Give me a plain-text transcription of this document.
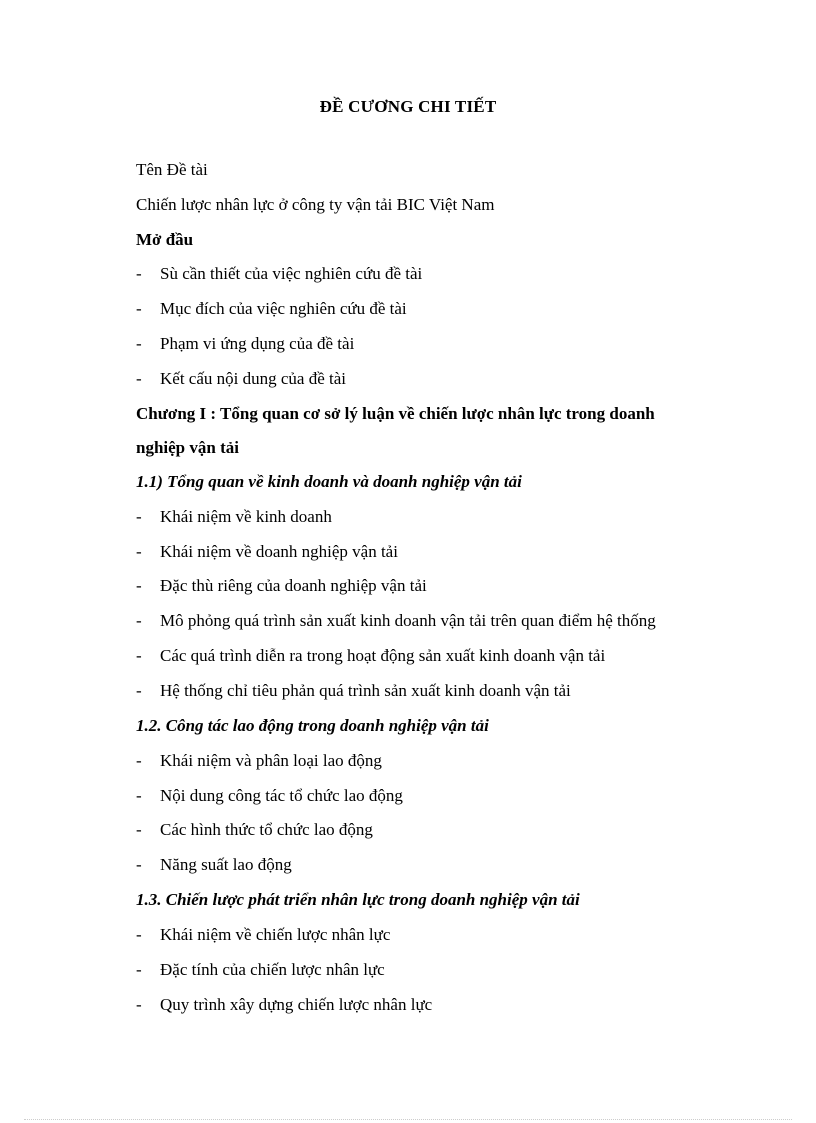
ĐỀ CƯƠNG CHI TIẾT
Tên Đề tài
Chiến lược nhân lực ở công ty vận tải BIC Việt Nam
Mở đầu
- Sù cần thiết của việc nghiên cứu đề tài
- Mục đích của việc nghiên cứu đề tài
- Phạm vi ứng dụng của đề tài
- Kết cấu nội dung của đề tài
Chương I : Tổng quan cơ sở lý luận về chiến lược nhân lực trong doanh
nghiệp vận tải
1.1) Tổng quan về kinh doanh và doanh nghiệp vận tải
- Khái niệm về kinh doanh
- Khái niệm về doanh nghiệp vận tải
- Đặc thù riêng của doanh nghiệp vận tải
- Mô phỏng quá trình sản xuất kinh doanh vận tải trên quan điểm hệ thống
- Các quá trình diễn ra trong hoạt động sản xuất kinh doanh vận tải
- Hệ thống chỉ tiêu phản quá trình sản xuất kinh doanh vận tải
1.2. Công tác lao động trong doanh nghiệp vận tải
- Khái niệm và phân loại lao động
- Nội dung công tác tổ chức lao động
- Các hình thức tổ chức lao động
- Năng suất lao động
1.3. Chiến lược phát triển nhân lực trong doanh nghiệp vận tải
- Khái niệm về chiến lược nhân lực
- Đặc tính của chiến lược nhân lực
- Quy trình xây dựng chiến lược nhân lực
